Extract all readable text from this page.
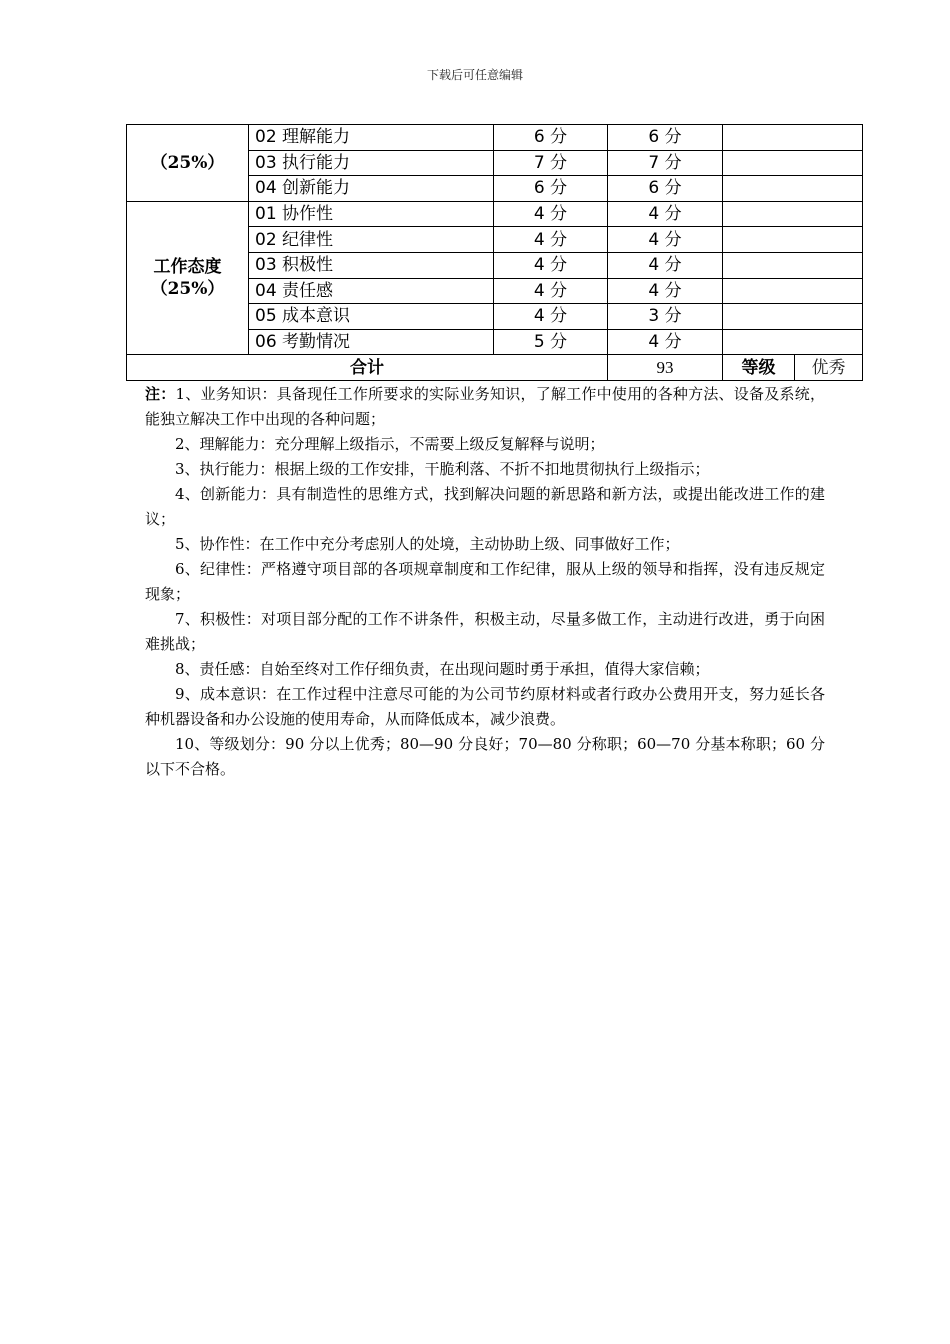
下载后可任意编辑
（25%）	02 理解能力	6 分	6 分		
	03 执行能力	7 分	7 分		
	04 创新能力	6 分	6 分		

工作态度
（25%）	01 协作性	4 分	4 分		
	02 纪律性	4 分	4 分		
	03 积极性	4 分	4 分		
	04 责任感	4 分	4 分		
	05 成本意识	4 分	3 分		
	06 考勤情况	5 分	4 分		
合计			93	等级	优秀

注：1、业务知识：具备现任工作所要求的实际业务知识，了解工作中使用的各种方法、设备及系统，能独立解决工作中出现的各种问题；

2、理解能力：充分理解上级指示，不需要上级反复解释与说明；

3、执行能力：根据上级的工作安排，干脆利落、不折不扣地贯彻执行上级指示；

4、创新能力：具有制造性的思维方式，找到解决问题的新思路和新方法，或提出能改进工作的建议；

5、协作性：在工作中充分考虑别人的处境，主动协助上级、同事做好工作；

6、纪律性：严格遵守项目部的各项规章制度和工作纪律，服从上级的领导和指挥，没有违反规定现象；

7、积极性：对项目部分配的工作不讲条件，积极主动，尽量多做工作，主动进行改进，勇于向困难挑战；

8、责任感：自始至终对工作仔细负责，在出现问题时勇于承担，值得大家信赖；

9、成本意识：在工作过程中注意尽可能的为公司节约原材料或者行政办公费用开支，努力延长各种机器设备和办公设施的使用寿命，从而降低成本，减少浪费。

10、等级划分：90 分以上优秀；80—90 分良好；70—80 分称职；60—70 分基本称职；60 分以下不合格。
